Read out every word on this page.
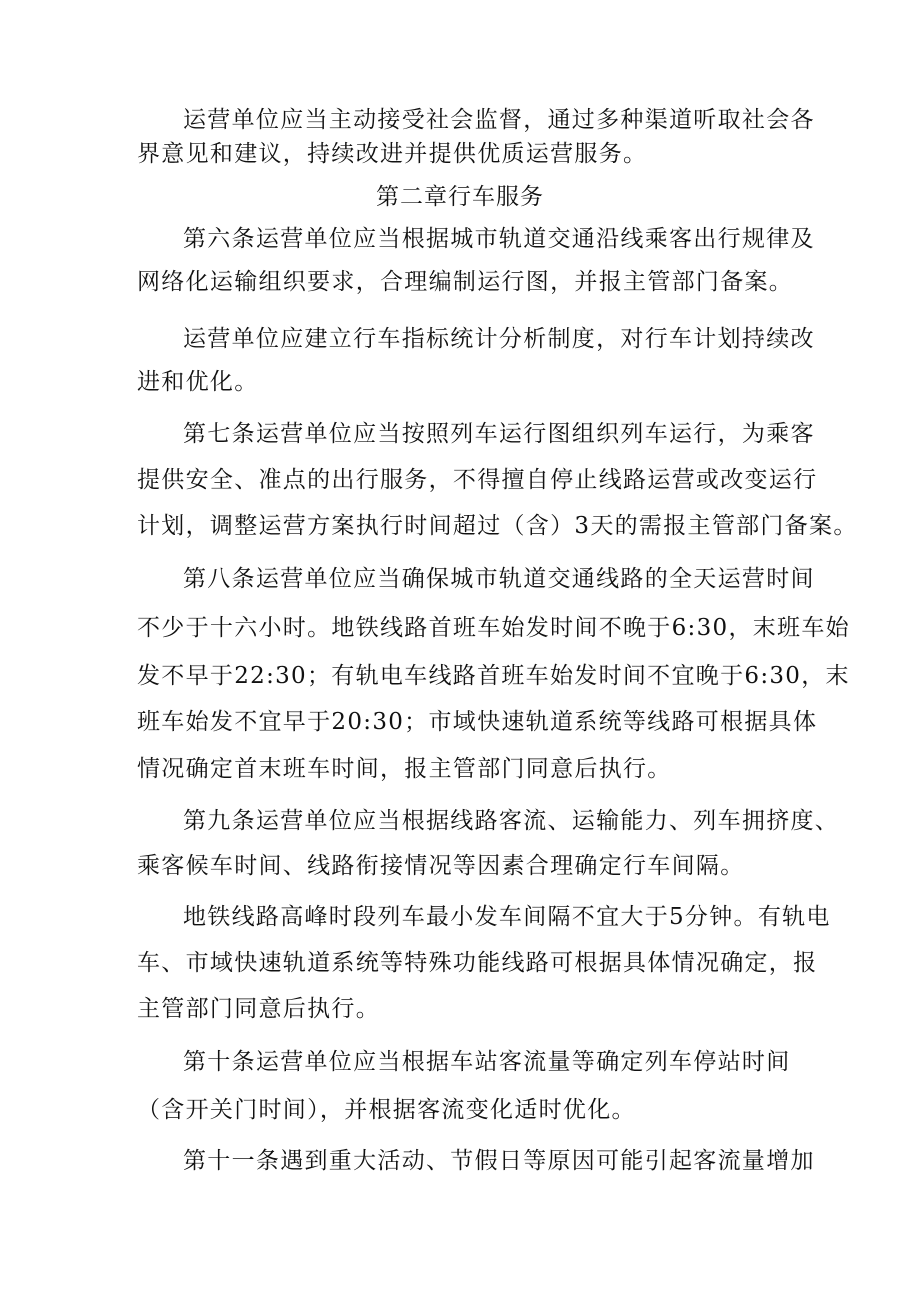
运营单位应当主动接受社会监督，通过多种渠道听取社会各
界意见和建议，持续改进并提供优质运营服务。
第二章行车服务
第六条运营单位应当根据城市轨道交通沿线乘客出行规律及
网络化运输组织要求，合理编制运行图，并报主管部门备案。
运营单位应建立行车指标统计分析制度，对行车计划持续改
进和优化。
第七条运营单位应当按照列车运行图组织列车运行，为乘客
提供安全、准点的出行服务，不得擅自停止线路运营或改变运行
计划，调整运营方案执行时间超过（含）3天的需报主管部门备案。
第八条运营单位应当确保城市轨道交通线路的全天运营时间
不少于十六小时。地铁线路首班车始发时间不晚于6:30，末班车始
发不早于22:30；有轨电车线路首班车始发时间不宜晚于6:30，末
班车始发不宜早于20:30；市域快速轨道系统等线路可根据具体
情况确定首末班车时间，报主管部门同意后执行。
第九条运营单位应当根据线路客流、运输能力、列车拥挤度、
乘客候车时间、线路衔接情况等因素合理确定行车间隔。
地铁线路高峰时段列车最小发车间隔不宜大于5分钟。有轨电
车、市域快速轨道系统等特殊功能线路可根据具体情况确定，报
主管部门同意后执行。
第十条运营单位应当根据车站客流量等确定列车停站时间
（含开关门时间），并根据客流变化适时优化。
第十一条遇到重大活动、节假日等原因可能引起客流量增加
